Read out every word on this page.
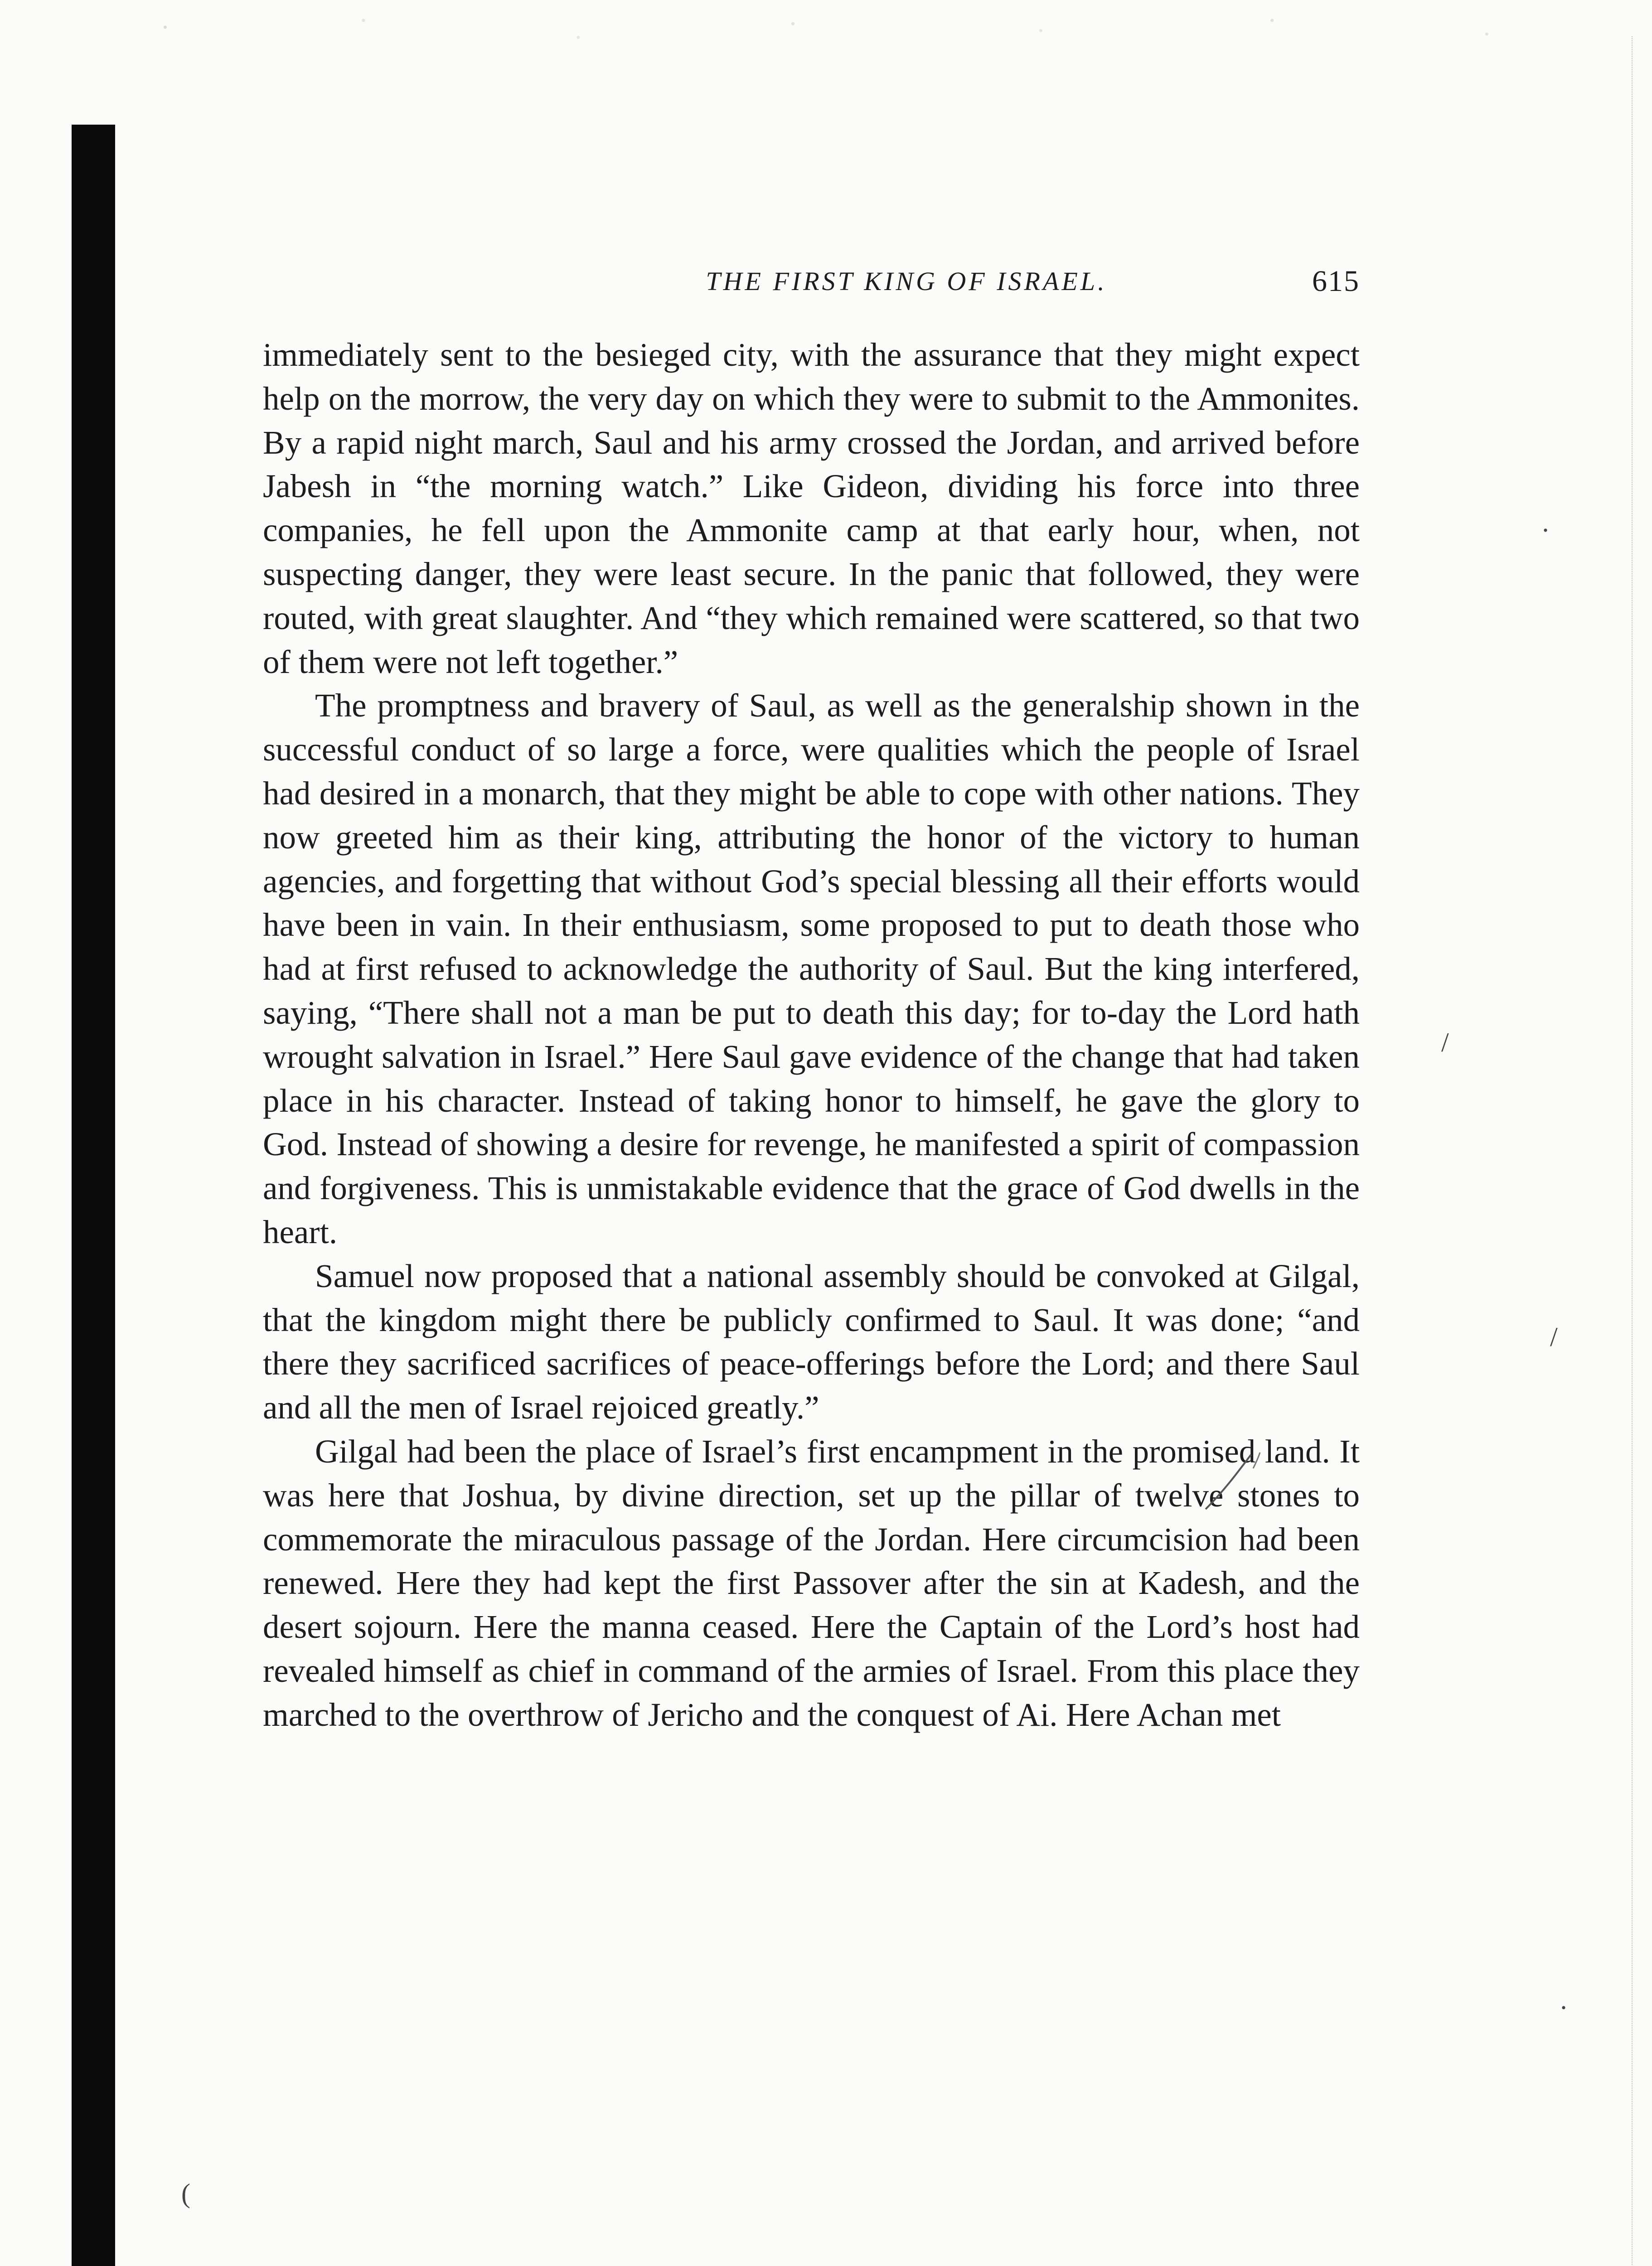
THE FIRST KING OF ISRAEL.	615

immediately sent to the besieged city, with the assurance that they might expect help on the morrow, the very day on which they were to submit to the Ammonites. By a rapid night march, Saul and his army crossed the Jordan, and arrived before Jabesh in “the morning watch.” Like Gideon, dividing his force into three companies, he fell upon the Ammonite camp at that early hour, when, not suspecting danger, they were least secure. In the panic that followed, they were routed, with great slaughter. And “they which remained were scattered, so that two of them were not left together.”

The promptness and bravery of Saul, as well as the generalship shown in the successful conduct of so large a force, were qualities which the people of Israel had desired in a monarch, that they might be able to cope with other nations. They now greeted him as their king, attributing the honor of the victory to human agencies, and forgetting that without God’s special blessing all their efforts would have been in vain. In their enthusiasm, some proposed to put to death those who had at first refused to acknowledge the authority of Saul. But the king interfered, saying, “There shall not a man be put to death this day; for to-day the Lord hath wrought salvation in Israel.” Here Saul gave evidence of the change that had taken place in his character. Instead of taking honor to himself, he gave the glory to God. Instead of showing a desire for revenge, he manifested a spirit of compassion and forgiveness. This is unmistakable evidence that the grace of God dwells in the heart.

Samuel now proposed that a national assembly should be convoked at Gilgal, that the kingdom might there be publicly confirmed to Saul. It was done; “and there they sacrificed sacrifices of peace-offerings before the Lord; and there Saul and all the men of Israel rejoiced greatly.”

Gilgal had been the place of Israel’s first encampment in the promised land. It was here that Joshua, by divine direction, set up the pillar of twelve stones to commemorate the miraculous passage of the Jordan. Here circumcision had been renewed. Here they had kept the first Passover after the sin at Kadesh, and the desert sojourn. Here the manna ceased. Here the Captain of the Lord’s host had revealed himself as chief in command of the armies of Israel. From this place they marched to the overthrow of Jericho and the conquest of Ai. Here Achan met

·
/
/
·
(
